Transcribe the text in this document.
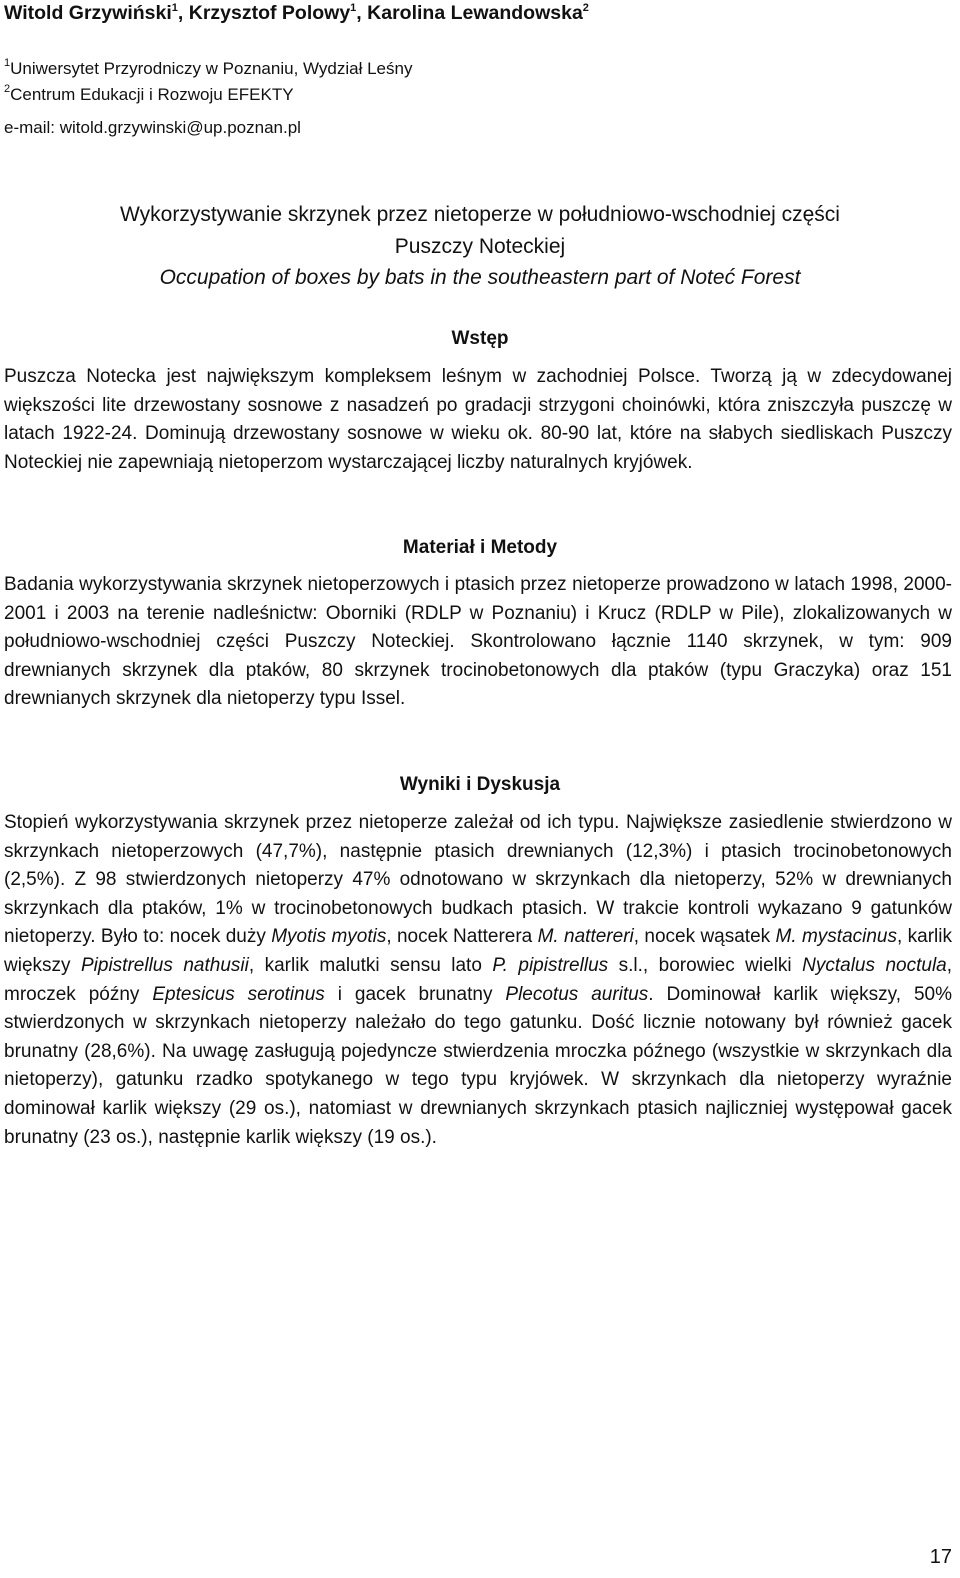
Witold Grzywiński$^1$, Krzysztof Polowy$^1$, Karolina Lewandowska$^2$
$^1$Uniwersytet Przyrodniczy w Poznaniu, Wydział Leśny
$^2$Centrum Edukacji i Rozwoju EFEKTY
e-mail: witold.grzywinski@up.poznan.pl
Wykorzystywanie skrzynek przez nietoperze w południowo-wschodniej części
Puszczy Noteckiej
Occupation of boxes by bats in the southeastern part of Noteć Forest
Wstęp
Puszcza Notecka jest największym kompleksem leśnym w zachodniej Polsce. Tworzą ją w zdecydowanej większości lite drzewostany sosnowe z nasadzeń po gradacji strzygoni choinówki, która zniszczyła puszczę w latach 1922-24. Dominują drzewostany sosnowe w wieku ok. 80-90 lat, które na słabych siedliskach Puszczy Noteckiej nie zapewniają nietoperzom wystarczającej liczby naturalnych kryjówek.
Materiał i Metody
Badania wykorzystywania skrzynek nietoperzowych i ptasich przez nietoperze prowadzono w latach 1998, 2000-2001 i 2003 na terenie nadleśnictw: Oborniki (RDLP w Poznaniu) i Krucz (RDLP w Pile), zlokalizowanych w południowo-wschodniej części Puszczy Noteckiej. Skontrolowano łącznie 1140 skrzynek, w tym: 909 drewnianych skrzynek dla ptaków, 80 skrzynek trocinobetonowych dla ptaków (typu Graczyka) oraz 151 drewnianych skrzynek dla nietoperzy typu Issel.
Wyniki i Dyskusja
Stopień wykorzystywania skrzynek przez nietoperze zależał od ich typu. Największe zasiedlenie stwierdzono w skrzynkach nietoperzowych (47,7%), następnie ptasich drewnianych (12,3%) i ptasich trocinobetonowych (2,5%). Z 98 stwierdzonych nietoperzy 47% odnotowano w skrzynkach dla nietoperzy, 52% w drewnianych skrzynkach dla ptaków, 1% w trocinobetonowych budkach ptasich. W trakcie kontroli wykazano 9 gatunków nietoperzy. Było to: nocek duży Myotis myotis, nocek Natterera M. nattereri, nocek wąsatek M. mystacinus, karlik większy Pipistrellus nathusii, karlik malutki sensu lato P. pipistrellus s.l., borowiec wielki Nyctalus noctula, mroczek późny Eptesicus serotinus i gacek brunatny Plecotus auritus. Dominował karlik większy, 50% stwierdzonych w skrzynkach nietoperzy należało do tego gatunku. Dość licznie notowany był również gacek brunatny (28,6%). Na uwagę zasługują pojedyncze stwierdzenia mroczka późnego (wszystkie w skrzynkach dla nietoperzy), gatunku rzadko spotykanego w tego typu kryjówek. W skrzynkach dla nietoperzy wyraźnie dominował karlik większy (29 os.), natomiast w drewnianych skrzynkach ptasich najliczniej występował gacek brunatny (23 os.), następnie karlik większy (19 os.).
17
